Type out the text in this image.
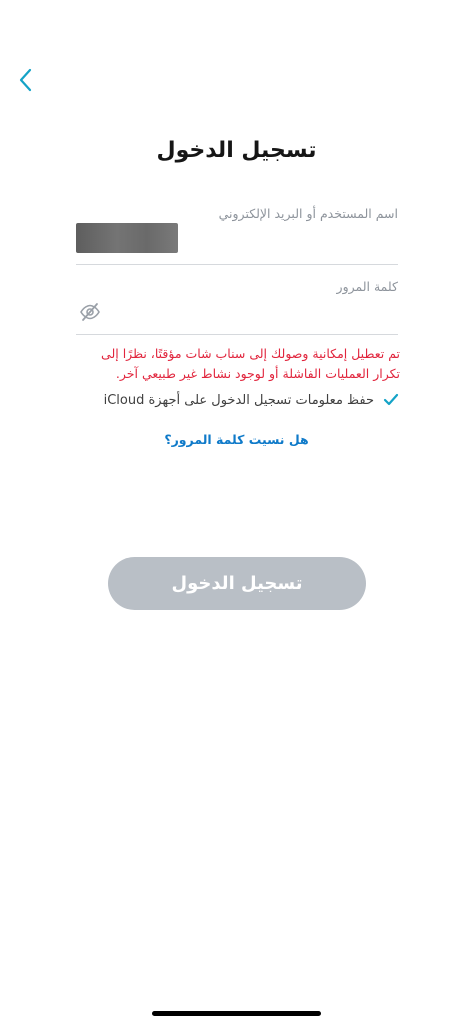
تسجيل الدخول
اسم المستخدم أو البريد الإلكتروني
كلمة المرور
تم تعطيل إمكانية وصولك إلى سناب شات مؤقتًا، نظرًا إلى تكرار العمليات الفاشلة أو لوجود نشاط غير طبيعي آخر.
حفظ معلومات تسجيل الدخول على أجهزة iCloud
هل نسيت كلمة المرور؟
تسجيل الدخول
